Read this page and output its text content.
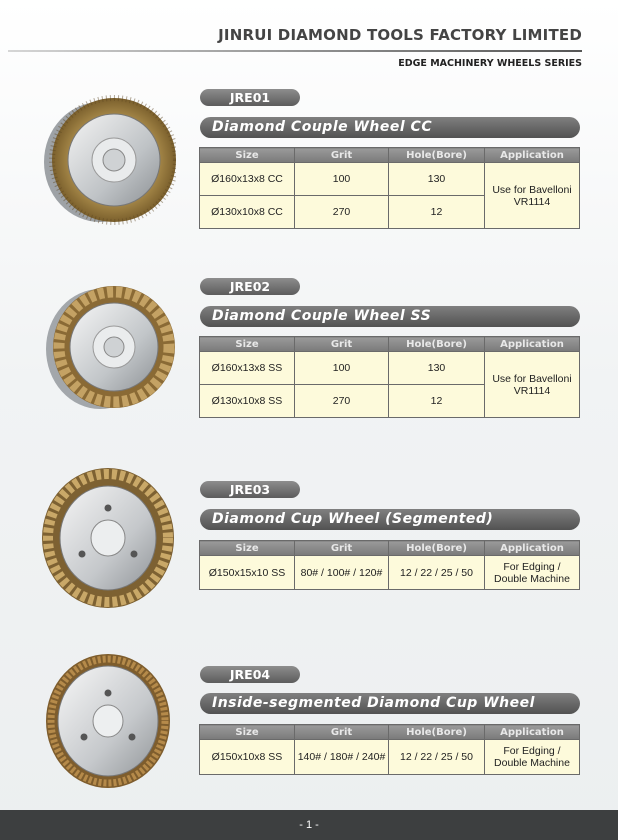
JINRUI DIAMOND TOOLS FACTORY LIMITED
EDGE MACHINERY WHEELS SERIES
JRE01
Diamond Couple Wheel CC
Size	Grit	Hole(Bore)	Application
Ø160x13x8 CC	100	130	Use for Bavelloni VR1114
Ø130x10x8 CC	270	12	
JRE02
Diamond Couple Wheel SS
Size	Grit	Hole(Bore)	Application
Ø160x13x8 SS	100	130	Use for Bavelloni VR1114
Ø130x10x8 SS	270	12	
JRE03
Diamond Cup Wheel (Segmented)
Size	Grit	Hole(Bore)	Application
Ø150x15x10 SS	80# / 100# / 120#	12 / 22 / 25 / 50	For Edging / Double Machine
JRE04
Inside-segmented Diamond Cup Wheel
Size	Grit	Hole(Bore)	Application
Ø150x10x8 SS	140# / 180# / 240#	12 / 22 / 25 / 50	For Edging / Double Machine
- 1 -
